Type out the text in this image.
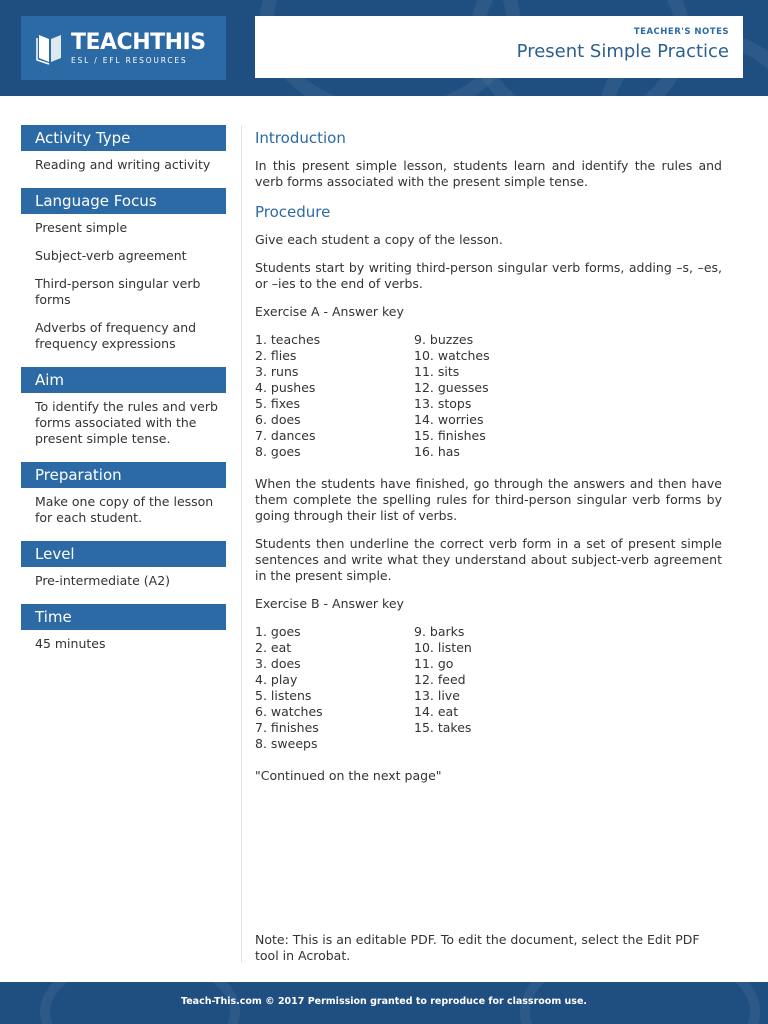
TEACHTHIS
ESL / EFL RESOURCES
TEACHER'S NOTES
Present Simple Practice
Activity Type
Reading and writing activity
Language Focus
Present simple
Subject-verb agreement
Third-person singular verb forms
Adverbs of frequency and frequency expressions
Aim
To identify the rules and verb forms associated with the present simple tense.
Preparation
Make one copy of the lesson for each student.
Level
Pre-intermediate (A2)
Time
45 minutes
Introduction
In this present simple lesson, students learn and identify the rules and verb forms associated with the present simple tense.
Procedure
Give each student a copy of the lesson.
Students start by writing third-person singular verb forms, adding –s, –es, or –ies to the end of verbs.
Exercise A - Answer key
1. teaches
2. flies
3. runs
4. pushes
5. fixes
6. does
7. dances
8. goes
9. buzzes
10. watches
11. sits
12. guesses
13. stops
14. worries
15. finishes
16. has
When the students have finished, go through the answers and then have them complete the spelling rules for third-person singular verb forms by going through their list of verbs.
Students then underline the correct verb form in a set of present simple sentences and write what they understand about subject-verb agreement in the present simple.
Exercise B - Answer key
1. goes
2. eat
3. does
4. play
5. listens
6. watches
7. finishes
8. sweeps
9. barks
10. listen
11. go
12. feed
13. live
14. eat
15. takes
"Continued on the next page"
Note: This is an editable PDF. To edit the document, select the Edit PDF tool in Acrobat.
Teach-This.com © 2017 Permission granted to reproduce for classroom use.
